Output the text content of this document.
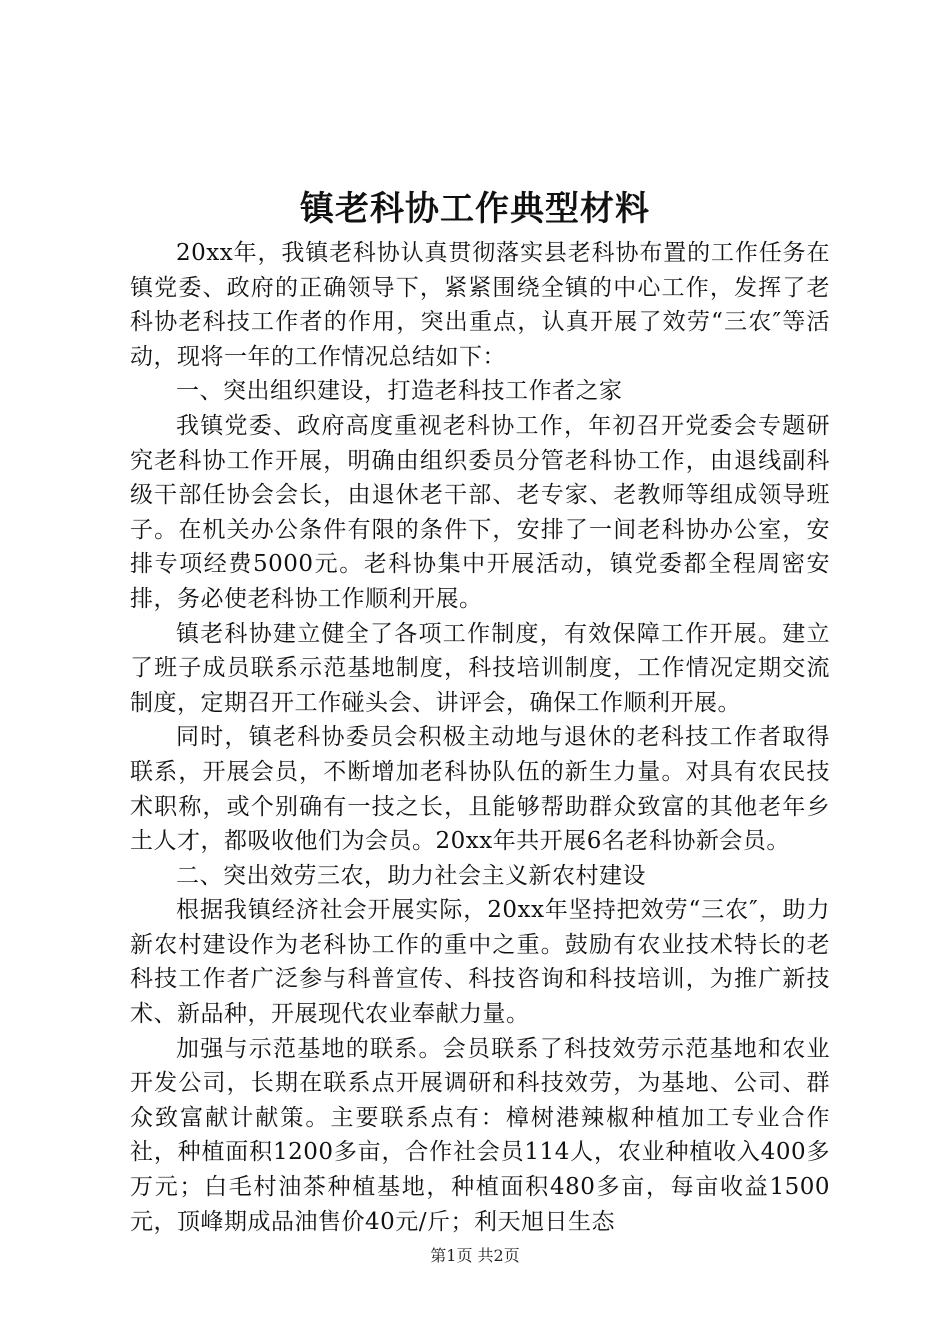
镇老科协工作典型材料

20xx年，我镇老科协认真贯彻落实县老科协布置的工作任务在镇党委、政府的正确领导下，紧紧围绕全镇的中心工作，发挥了老科协老科技工作者的作用，突出重点，认真开展了效劳“三农″等活动，现将一年的工作情况总结如下：

一、突出组织建设，打造老科技工作者之家

我镇党委、政府高度重视老科协工作，年初召开党委会专题研究老科协工作开展，明确由组织委员分管老科协工作，由退线副科级干部任协会会长，由退休老干部、老专家、老教师等组成领导班子。在机关办公条件有限的条件下，安排了一间老科协办公室，安排专项经费5000元。老科协集中开展活动，镇党委都全程周密安排，务必使老科协工作顺利开展。

镇老科协建立健全了各项工作制度，有效保障工作开展。建立了班子成员联系示范基地制度，科技培训制度，工作情况定期交流制度，定期召开工作碰头会、讲评会，确保工作顺利开展。

同时，镇老科协委员会积极主动地与退休的老科技工作者取得联系，开展会员，不断增加老科协队伍的新生力量。对具有农民技术职称，或个别确有一技之长，且能够帮助群众致富的其他老年乡土人才，都吸收他们为会员。20xx年共开展6名老科协新会员。

二、突出效劳三农，助力社会主义新农村建设

根据我镇经济社会开展实际，20xx年坚持把效劳“三农″，助力新农村建设作为老科协工作的重中之重。鼓励有农业技术特长的老科技工作者广泛参与科普宣传、科技咨询和科技培训，为推广新技术、新品种，开展现代农业奉献力量。

加强与示范基地的联系。会员联系了科技效劳示范基地和农业开发公司，长期在联系点开展调研和科技效劳，为基地、公司、群众致富献计献策。主要联系点有：樟树港辣椒种植加工专业合作社，种植面积1200多亩，合作社会员114人，农业种植收入400多万元；白毛村油茶种植基地，种植面积480多亩，每亩收益1500元，顶峰期成品油售价40元/斤；利天旭日生态

第1页 共2页
